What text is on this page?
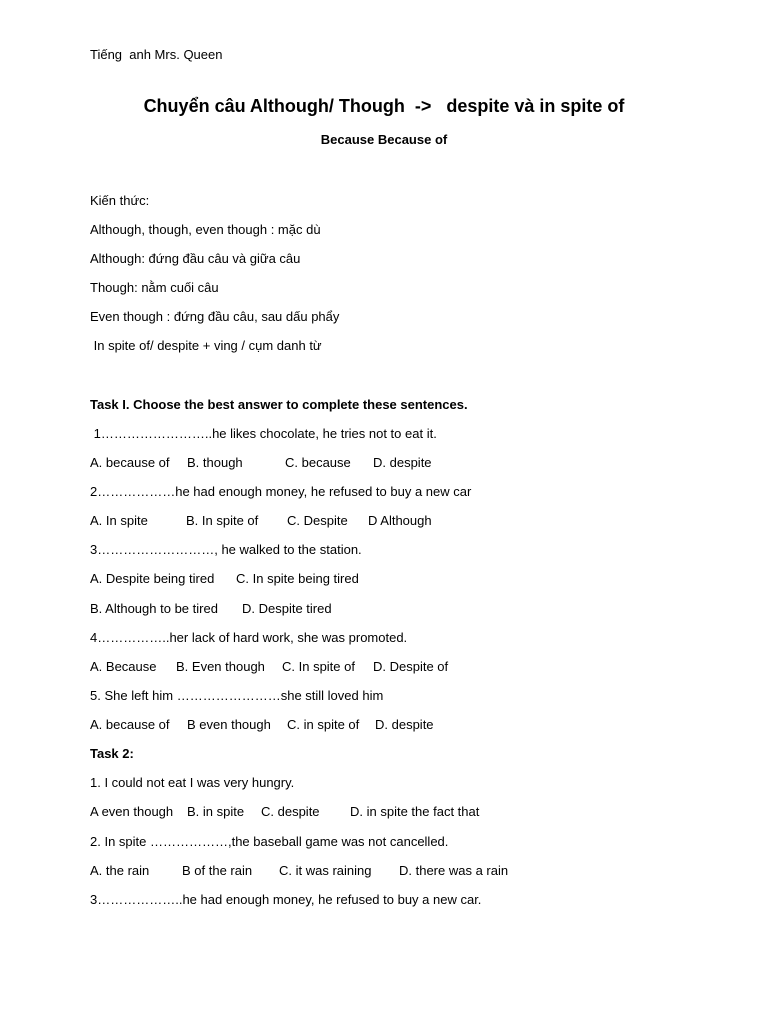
Tiếng  anh Mrs. Queen
Chuyển câu Although/ Though  ->   despite và in spite of
Because Because of
Kiến thức:
Although, though, even though : mặc dù
Although: đứng đầu câu và giữa câu
Though: nằm cuối câu
Even though : đứng đầu câu, sau dấu phẩy
In spite of/ despite + ving / cụm danh từ
Task I. Choose the best answer to complete these sentences.
1……………………..he likes chocolate, he tries not to eat it.
A. because of	B. though	C. because	D. despite
2………………he had enough money, he refused to buy a new car
A. In spite	B. In spite of	C. Despite	D Although
3………………………, he walked to the station.
A. Despite being tired	C. In spite being tired
B. Although to be tired	D. Despite tired
4……………..her lack of hard work, she was promoted.
A. Because	B. Even though	C. In spite of	D. Despite of
5. She left him ……………………she still loved him
A. because of	B even though	C. in spite of	D. despite
Task 2:
1. I could not eat I was very hungry.
A even though	B. in spite	C. despite	D. in spite the fact that
2. In spite ………………,the baseball game was not cancelled.
A. the rain	B of the rain	C. it was raining	D. there was a rain
3………………..he had enough money, he refused to buy a new car.
